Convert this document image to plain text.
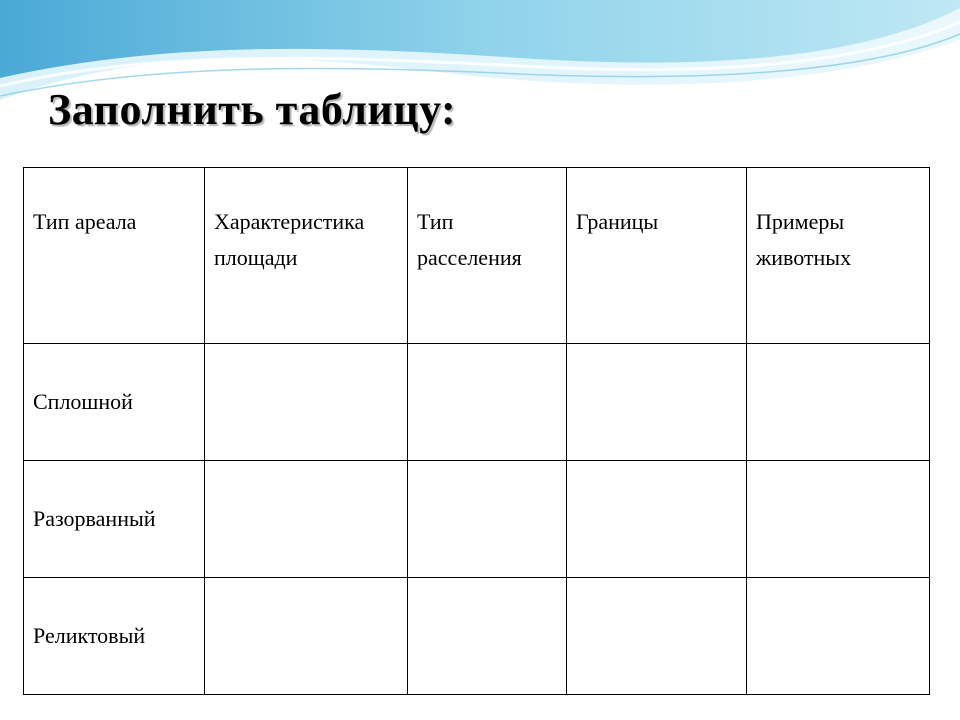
Заполнить таблицу:
Тип ареала	Характеристика площади	Тип расселения	Границы	Примеры животных

Сплошной				

Разорванный				

Реликтовый				
